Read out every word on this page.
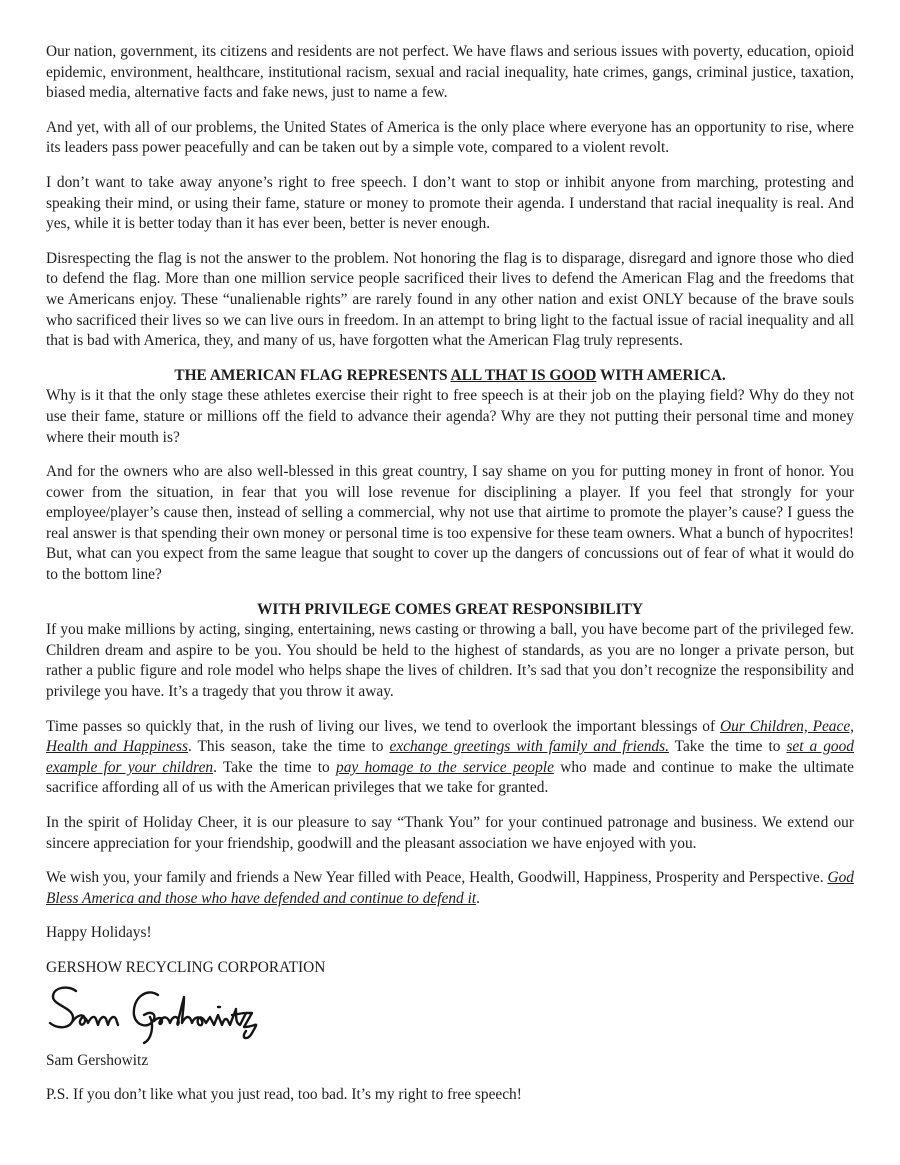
Our nation, government, its citizens and residents are not perfect. We have flaws and serious issues with poverty, education, opioid epidemic, environment, healthcare, institutional racism, sexual and racial inequality, hate crimes, gangs, criminal justice, taxation, biased media, alternative facts and fake news, just to name a few.

And yet, with all of our problems, the United States of America is the only place where everyone has an opportunity to rise, where its leaders pass power peacefully and can be taken out by a simple vote, compared to a violent revolt.

I don’t want to take away anyone’s right to free speech. I don’t want to stop or inhibit anyone from marching, protesting and speaking their mind, or using their fame, stature or money to promote their agenda. I understand that racial inequality is real. And yes, while it is better today than it has ever been, better is never enough.

Disrespecting the flag is not the answer to the problem. Not honoring the flag is to disparage, disregard and ignore those who died to defend the flag. More than one million service people sacrificed their lives to defend the American Flag and the freedoms that we Americans enjoy. These “unalienable rights” are rarely found in any other nation and exist ONLY because of the brave souls who sacrificed their lives so we can live ours in freedom. In an attempt to bring light to the factual issue of racial inequality and all that is bad with America, they, and many of us, have forgotten what the American Flag truly represents.

THE AMERICAN FLAG REPRESENTS ALL THAT IS GOOD WITH AMERICA.

Why is it that the only stage these athletes exercise their right to free speech is at their job on the playing field? Why do they not use their fame, stature or millions off the field to advance their agenda? Why are they not putting their personal time and money where their mouth is?

And for the owners who are also well-blessed in this great country, I say shame on you for putting money in front of honor. You cower from the situation, in fear that you will lose revenue for disciplining a player. If you feel that strongly for your employee/player’s cause then, instead of selling a commercial, why not use that airtime to promote the player’s cause? I guess the real answer is that spending their own money or personal time is too expensive for these team owners. What a bunch of hypocrites! But, what can you expect from the same league that sought to cover up the dangers of concussions out of fear of what it would do to the bottom line?

WITH PRIVILEGE COMES GREAT RESPONSIBILITY

If you make millions by acting, singing, entertaining, news casting or throwing a ball, you have become part of the privileged few. Children dream and aspire to be you. You should be held to the highest of standards, as you are no longer a private person, but rather a public figure and role model who helps shape the lives of children. It’s sad that you don’t recognize the responsibility and privilege you have. It’s a tragedy that you throw it away.

Time passes so quickly that, in the rush of living our lives, we tend to overlook the important blessings of Our Children, Peace, Health and Happiness. This season, take the time to exchange greetings with family and friends. Take the time to set a good example for your children. Take the time to pay homage to the service people who made and continue to make the ultimate sacrifice affording all of us with the American privileges that we take for granted.

In the spirit of Holiday Cheer, it is our pleasure to say “Thank You” for your continued patronage and business. We extend our sincere appreciation for your friendship, goodwill and the pleasant association we have enjoyed with you.

We wish you, your family and friends a New Year filled with Peace, Health, Goodwill, Happiness, Prosperity and Perspective. God Bless America and those who have defended and continue to defend it.

Happy Holidays!

GERSHOW RECYCLING CORPORATION

Sam Gershowitz

P.S. If you don’t like what you just read, too bad. It’s my right to free speech!
